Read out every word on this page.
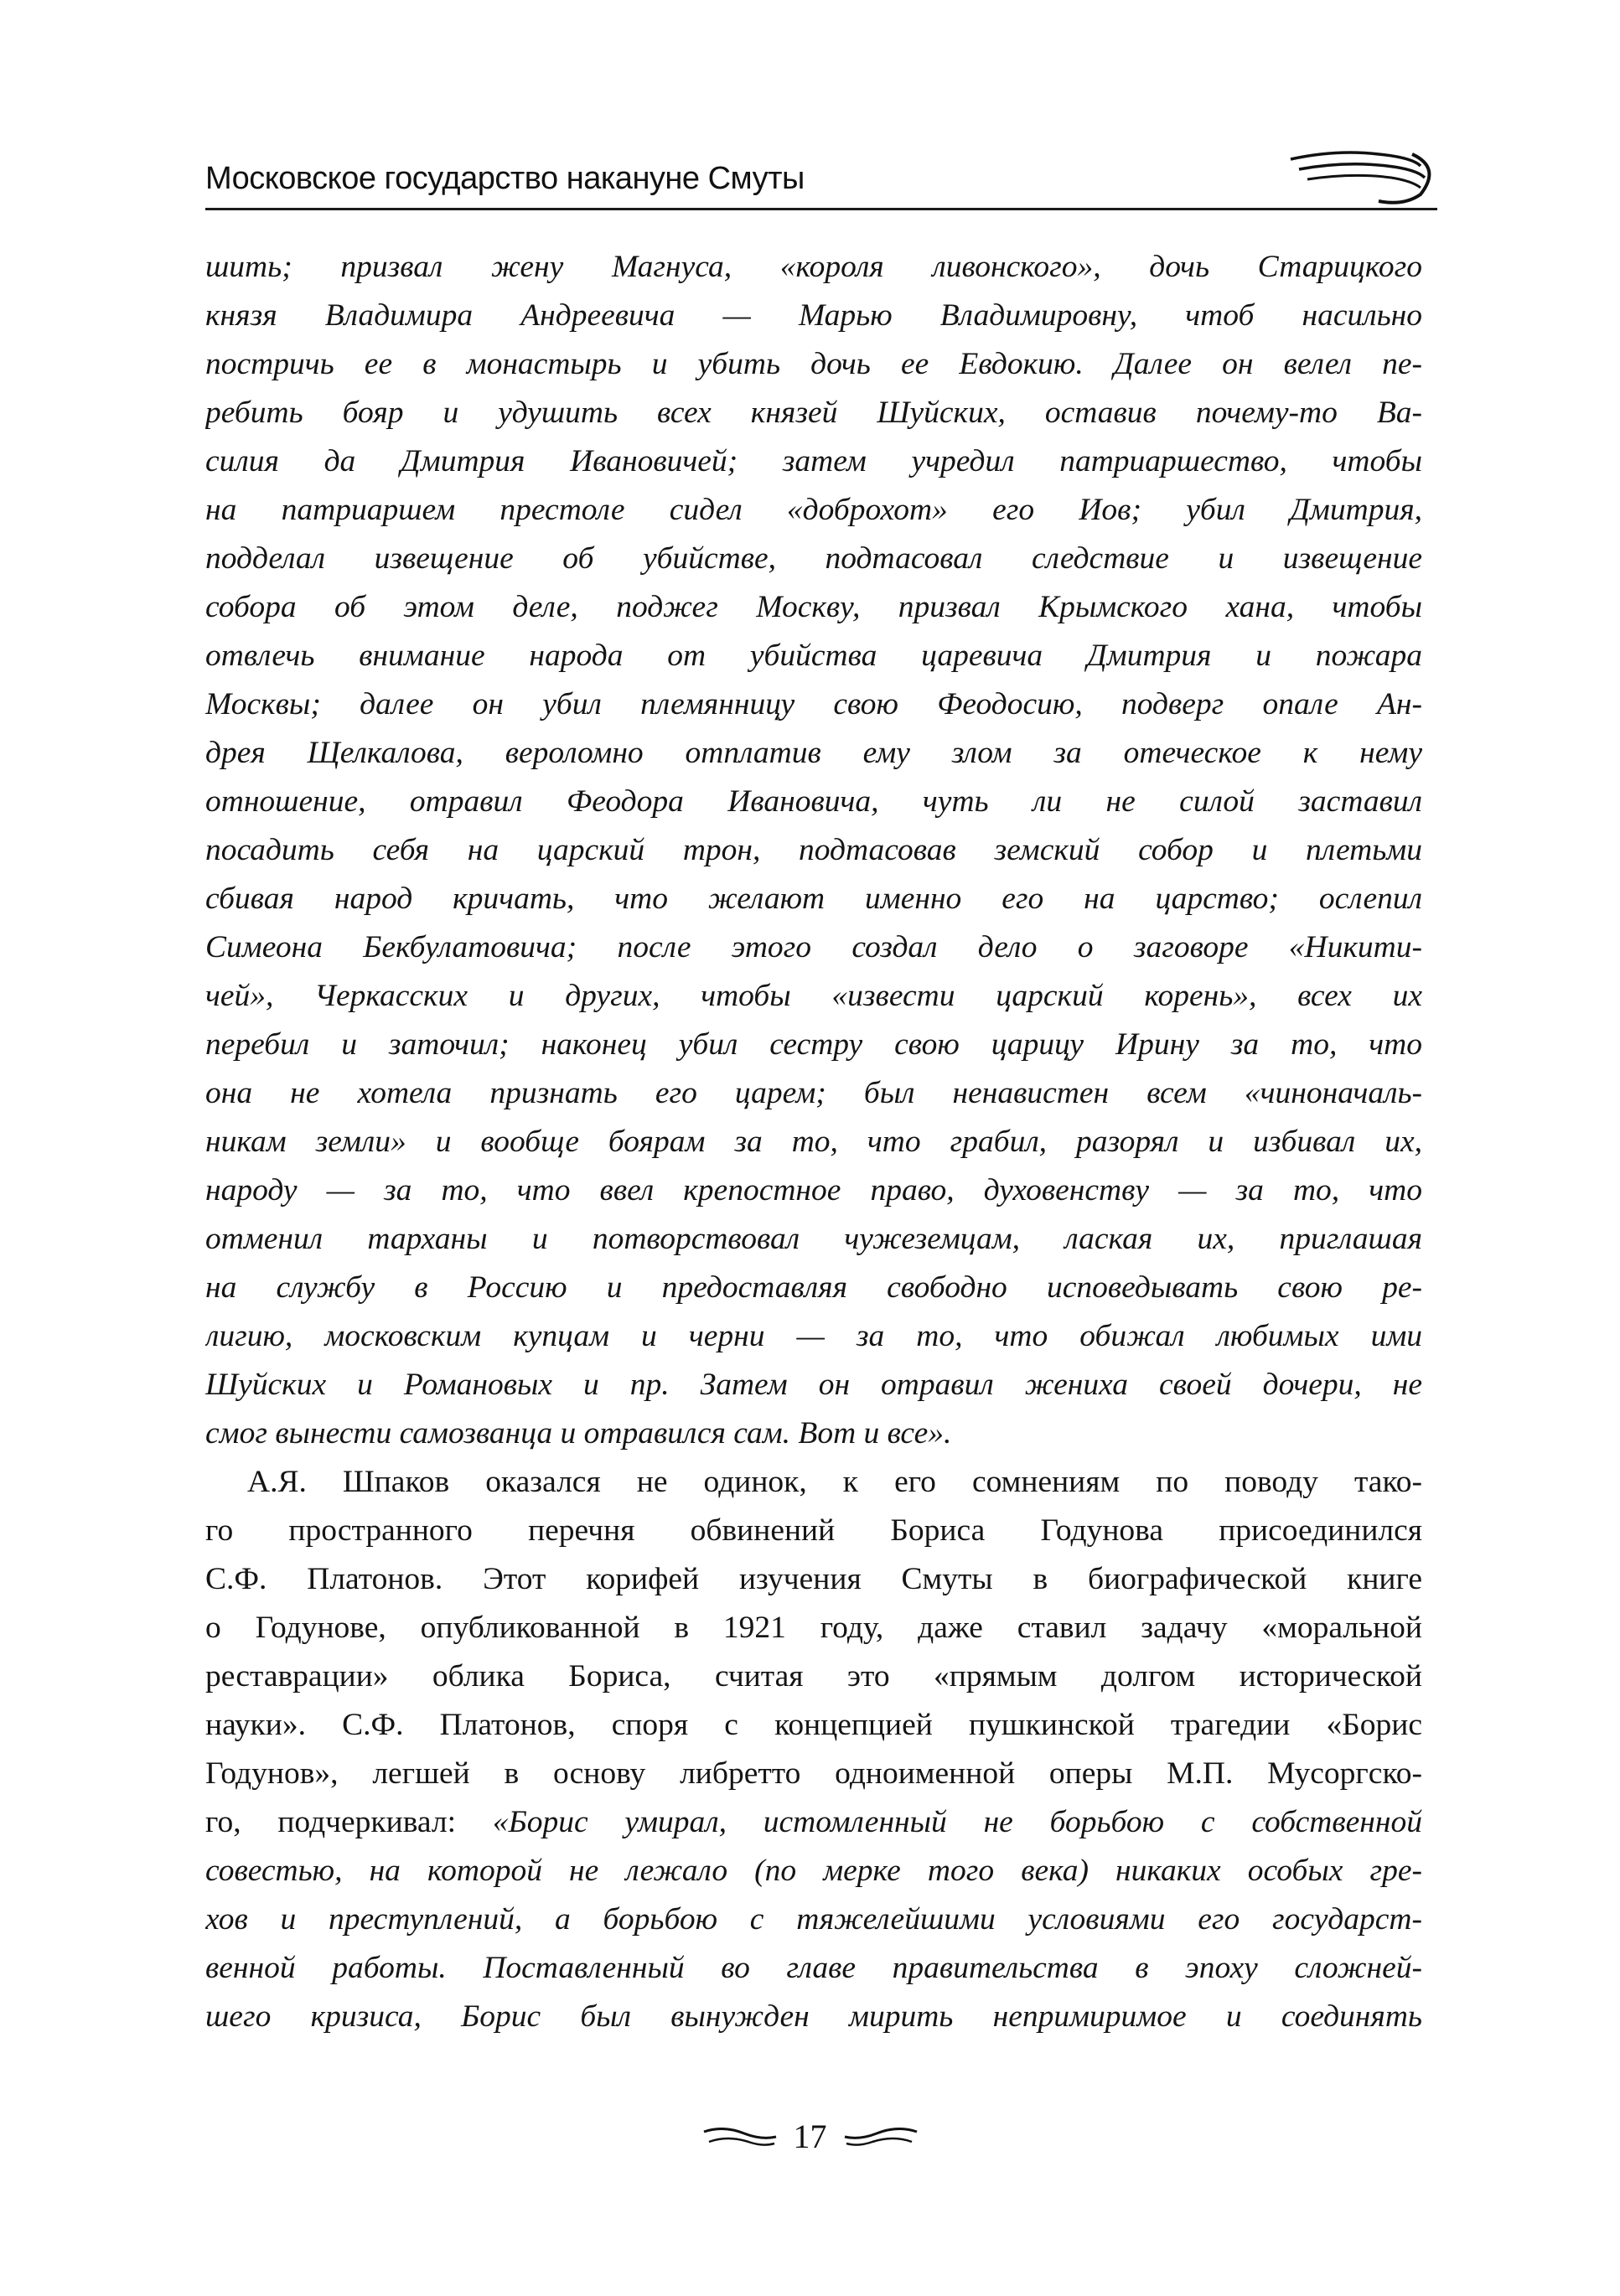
Московское государство накануне Смуты
шить; призвал жену Магнуса, «короля ливонского», дочь Старицкого
князя Владимира Андреевича — Марью Владимировну, чтоб насильно
постричь ее в монастырь и убить дочь ее Евдокию. Далее он велел пе-
ребить бояр и удушить всех князей Шуйских, оставив почему-то Ва-
силия да Дмитрия Ивановичей; затем учредил патриаршество, чтобы
на патриаршем престоле сидел «доброхот» его Иов; убил Дмитрия,
подделал извещение об убийстве, подтасовал следствие и извещение
собора об этом деле, поджег Москву, призвал Крымского хана, чтобы
отвлечь внимание народа от убийства царевича Дмитрия и пожара
Москвы; далее он убил племянницу свою Феодосию, подверг опале Ан-
дрея Щелкалова, вероломно отплатив ему злом за отеческое к нему
отношение, отравил Феодора Ивановича, чуть ли не силой заставил
посадить себя на царский трон, подтасовав земский собор и плетьми
сбивая народ кричать, что желают именно его на царство; ослепил
Симеона Бекбулатовича; после этого создал дело о заговоре «Никити-
чей», Черкасских и других, чтобы «извести царский корень», всех их
перебил и заточил; наконец убил сестру свою царицу Ирину за то, что
она не хотела признать его царем; был ненавистен всем «чиноначаль-
никам земли» и вообще боярам за то, что грабил, разорял и избивал их,
народу — за то, что ввел крепостное право, духовенству — за то, что
отменил тарханы и потворствовал чужеземцам, лаская их, приглашая
на службу в Россию и предоставляя свободно исповедывать свою ре-
лигию, московским купцам и черни — за то, что обижал любимых ими
Шуйских и Романовых и пр. Затем он отравил жениха своей дочери, не
смог вынести самозванца и отравился сам. Вот и все».
А.Я. Шпаков оказался не одинок, к его сомнениям по поводу тако-
го пространного перечня обвинений Бориса Годунова присоединился
С.Ф. Платонов. Этот корифей изучения Смуты в биографической книге
о Годунове, опубликованной в 1921 году, даже ставил задачу «моральной
реставрации» облика Бориса, считая это «прямым долгом исторической
науки». С.Ф. Платонов, споря с концепцией пушкинской трагедии «Борис
Годунов», легшей в основу либретто одноименной оперы М.П. Мусоргско-
го, подчеркивал: «Борис умирал, истомленный не борьбою с собственной
совестью, на которой не лежало (по мерке того века) никаких особых гре-
хов и преступлений, а борьбою с тяжелейшими условиями его государст-
венной работы. Поставленный во главе правительства в эпоху сложней-
шего кризиса, Борис был вынужден мирить непримиримое и соединять
17
